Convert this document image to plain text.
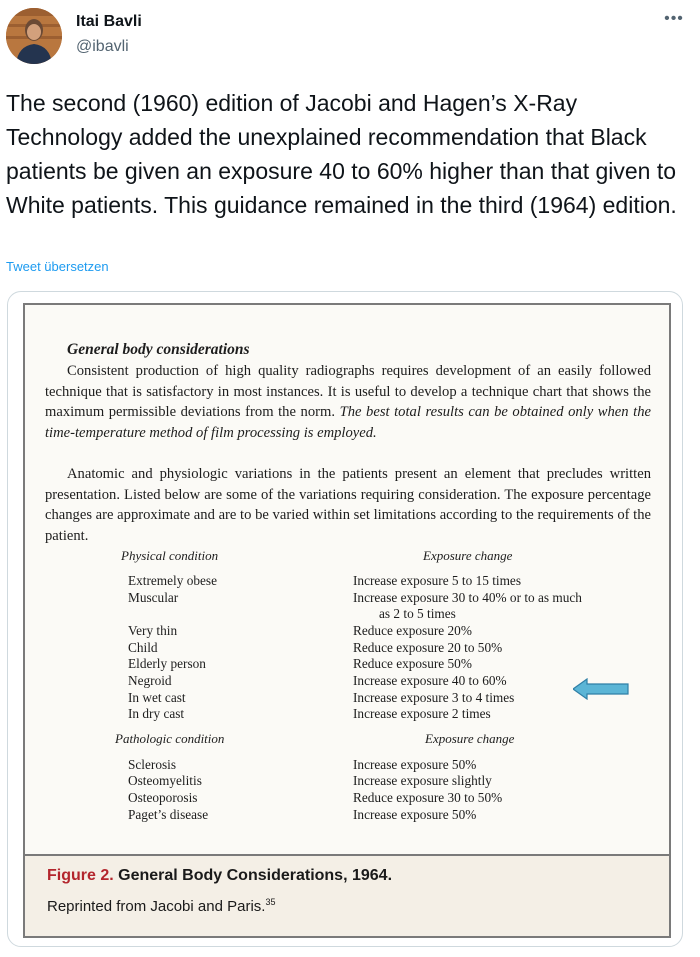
Itai Bavli
@ibavli
•••
The second (1960) edition of Jacobi and Hagen’s X-Ray Technology added the unexplained recommendation that Black patients be given an exposure 40 to 60% higher than that given to White patients. This guidance remained in the third (1964) edition.
Tweet übersetzen
General body considerations
Consistent production of high quality radiographs requires development of an easily followed technique that is satisfactory in most instances. It is useful to develop a technique chart that shows the maximum permissible deviations from the norm. The best total results can be obtained only when the time-temperature method of film processing is employed.
Anatomic and physiologic variations in the patients present an element that precludes written presentation. Listed below are some of the variations requiring consideration. The exposure percentage changes are approximate and are to be varied within set limitations according to the requirements of the patient.
Physical condition	Exposure change
Extremely obese	Increase exposure 5 to 15 times
Muscular	Increase exposure 30 to 40% or to as much
as 2 to 5 times
Very thin	Reduce exposure 20%
Child	Reduce exposure 20 to 50%
Elderly person	Reduce exposure 50%
Negroid	Increase exposure 40 to 60%
In wet cast	Increase exposure 3 to 4 times
In dry cast	Increase exposure 2 times
Pathologic condition	Exposure change
Sclerosis	Increase exposure 50%
Osteomyelitis	Increase exposure slightly
Osteoporosis	Reduce exposure 30 to 50%
Paget’s disease	Increase exposure 50%
Figure 2. General Body Considerations, 1964.
Reprinted from Jacobi and Paris.$^{35}$
